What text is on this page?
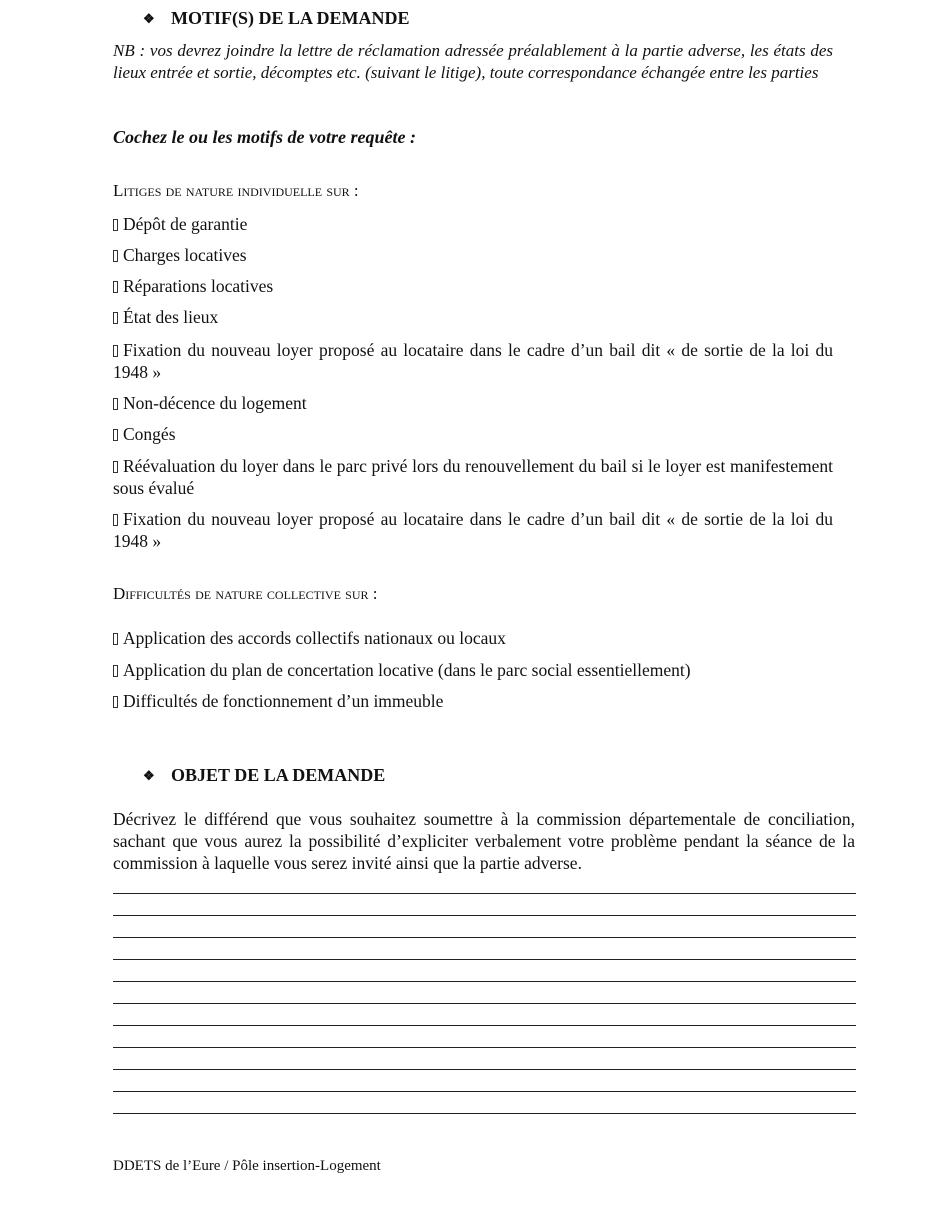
❖ MOTIF(S) DE LA DEMANDE
NB : vos devrez joindre la lettre de réclamation adressée préalablement à la partie adverse, les états des lieux entrée et sortie, décomptes etc. (suivant le litige), toute correspondance échangée entre les parties
Cochez le ou les motifs de votre requête :
Litiges de nature individuelle sur :
Dépôt de garantie
Charges locatives
Réparations locatives
État des lieux
Fixation du nouveau loyer proposé au locataire dans le cadre d’un bail dit « de sortie de la loi du 1948 »
Non-décence du logement
Congés
Réévaluation du loyer dans le parc privé lors du renouvellement du bail si le loyer est manifestement sous évalué
Fixation du nouveau loyer proposé au locataire dans le cadre d’un bail dit « de sortie de la loi du 1948 »
Difficultés de nature collective sur :
Application des accords collectifs nationaux ou locaux
Application du plan de concertation locative (dans le parc social essentiellement)
Difficultés de fonctionnement d’un immeuble
❖ OBJET DE LA DEMANDE
Décrivez le différend que vous souhaitez soumettre à la commission départementale de conciliation, sachant que vous aurez la possibilité d’expliciter verbalement votre problème pendant la séance de la commission à laquelle vous serez invité ainsi que la partie adverse.
DDETS de l’Eure / Pôle insertion-Logement
